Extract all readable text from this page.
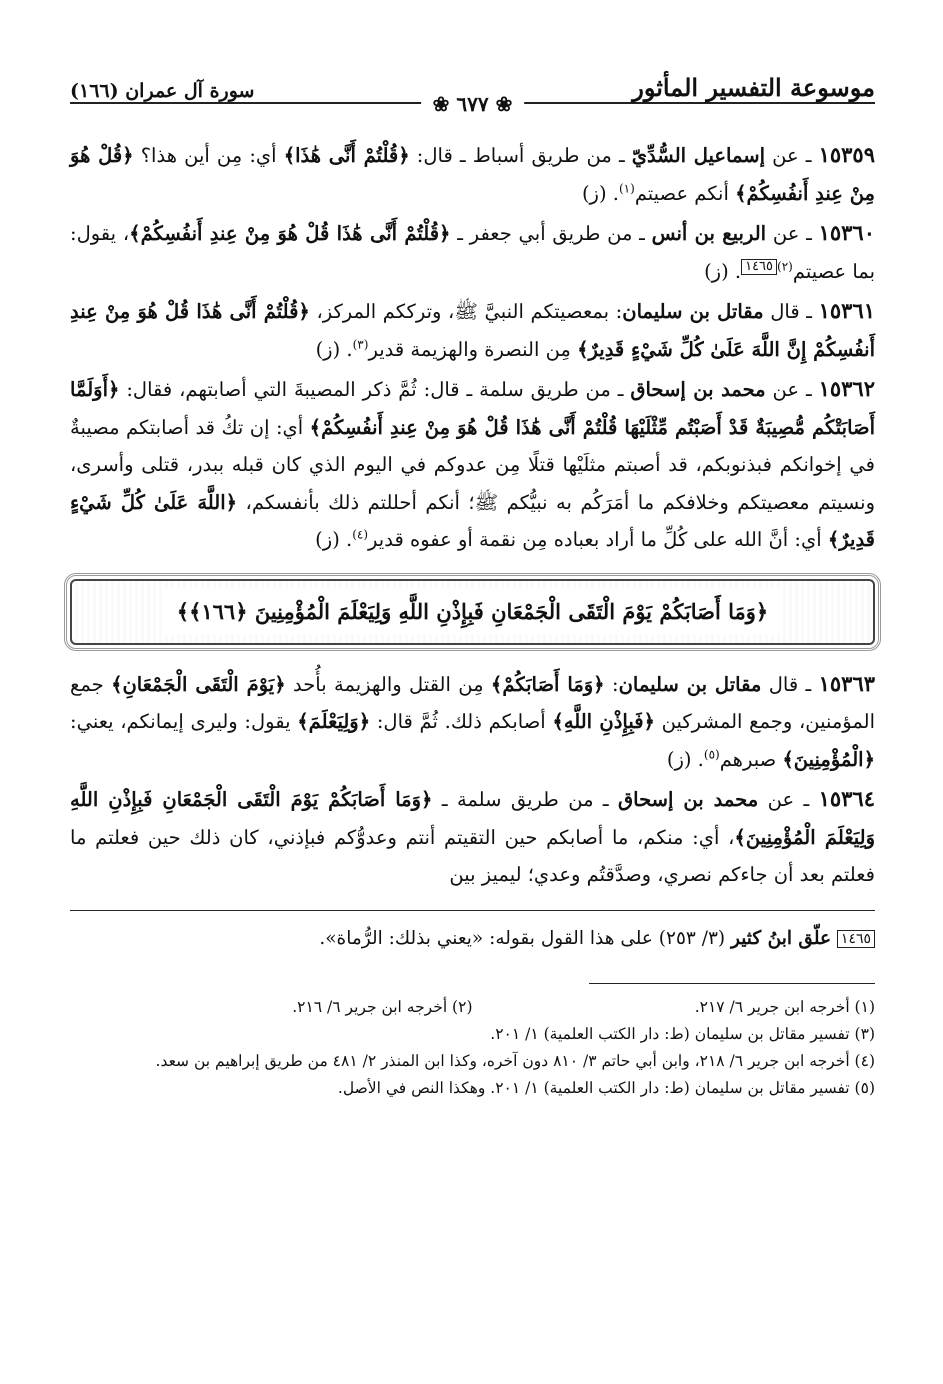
موسوعة التفسير المأثور
سورة آل عمران (١٦٦)
❀ ٦٧٧ ❀

١٥٣٥٩ ـ عن إسماعيل السُّدِّيّ ـ من طريق أسباط ـ قال: ﴿قُلْتُمْ أَنَّى هَٰذَا﴾ أي: مِن أين هذا؟ ﴿قُلْ هُوَ مِنْ عِندِ أَنفُسِكُمْ﴾ أنكم عصيتم$^{(١)}$. (ز)

١٥٣٦٠ ـ عن الربيع بن أنس ـ من طريق أبي جعفر ـ ﴿قُلْتُمْ أَنَّى هَٰذَا قُلْ هُوَ مِنْ عِندِ أَنفُسِكُمْ﴾، يقول: بما عصيتم$^{(٢)}$١٤٦٥. (ز)

١٥٣٦١ ـ قال مقاتل بن سليمان: بمعصيتكم النبيَّ ﷺ، وترككم المركز، ﴿قُلْتُمْ أَنَّى هَٰذَا قُلْ هُوَ مِنْ عِندِ أَنفُسِكُمْ إِنَّ اللَّهَ عَلَىٰ كُلِّ شَيْءٍ قَدِيرٌ﴾ مِن النصرة والهزيمة قدير$^{(٣)}$. (ز)

١٥٣٦٢ ـ عن محمد بن إسحاق ـ من طريق سلمة ـ قال: ثُمَّ ذكر المصيبةَ التي أصابتهم، فقال: ﴿أَوَلَمَّا أَصَابَتْكُم مُّصِيبَةٌ قَدْ أَصَبْتُم مِّثْلَيْهَا قُلْتُمْ أَنَّى هَٰذَا قُلْ هُوَ مِنْ عِندِ أَنفُسِكُمْ﴾ أي: إن تكُ قد أصابتكم مصيبةٌ في إخوانكم فبذنوبكم، قد أصبتم مثلَيْها قتلًا مِن عدوكم في اليوم الذي كان قبله ببدر، قتلى وأسرى، ونسيتم معصيتكم وخلافكم ما أمَرَكُم به نبيُّكم ﷺ؛ أنكم أحللتم ذلك بأنفسكم، ﴿اللَّهَ عَلَىٰ كُلِّ شَيْءٍ قَدِيرٌ﴾ أي: أنَّ الله على كُلِّ ما أراد بعباده مِن نقمة أو عفوه قدير$^{(٤)}$. (ز)

﴿وَمَا أَصَابَكُمْ يَوْمَ الْتَقَى الْجَمْعَانِ فَبِإِذْنِ اللَّهِ وَلِيَعْلَمَ الْمُؤْمِنِينَ ﴿١٦٦﴾﴾

١٥٣٦٣ ـ قال مقاتل بن سليمان: ﴿وَمَا أَصَابَكُمْ﴾ مِن القتل والهزيمة بأُحد ﴿يَوْمَ الْتَقَى الْجَمْعَانِ﴾ جمع المؤمنين، وجمع المشركين ﴿فَبِإِذْنِ اللَّهِ﴾ أصابكم ذلك. ثُمَّ قال: ﴿وَلِيَعْلَمَ﴾ يقول: وليرى إيمانكم، يعني: ﴿الْمُؤْمِنِينَ﴾ صبرهم$^{(٥)}$. (ز)

١٥٣٦٤ ـ عن محمد بن إسحاق ـ من طريق سلمة ـ ﴿وَمَا أَصَابَكُمْ يَوْمَ الْتَقَى الْجَمْعَانِ فَبِإِذْنِ اللَّهِ وَلِيَعْلَمَ الْمُؤْمِنِينَ﴾، أي: منكم، ما أصابكم حين التقيتم أنتم وعدوُّكم فبإذني، كان ذلك حين فعلتم ما فعلتم بعد أن جاءكم نصري، وصدَّقتُم وعدي؛ ليميز بين

١٤٦٥ علّق ابنُ كثير (٣/ ٢٥٣) على هذا القول بقوله: «يعني بذلك: الرُّماة».
(١) أخرجه ابن جرير ٦/ ٢١٧.
(٢) أخرجه ابن جرير ٦/ ٢١٦.
(٣) تفسير مقاتل بن سليمان (ط: دار الكتب العلمية) ١/ ٢٠١.
(٤) أخرجه ابن جرير ٦/ ٢١٨، وابن أبي حاتم ٣/ ٨١٠ دون آخره، وكذا ابن المنذر ٢/ ٤٨١ من طريق إبراهيم بن سعد.
(٥) تفسير مقاتل بن سليمان (ط: دار الكتب العلمية) ١/ ٢٠١. وهكذا النص في الأصل.
